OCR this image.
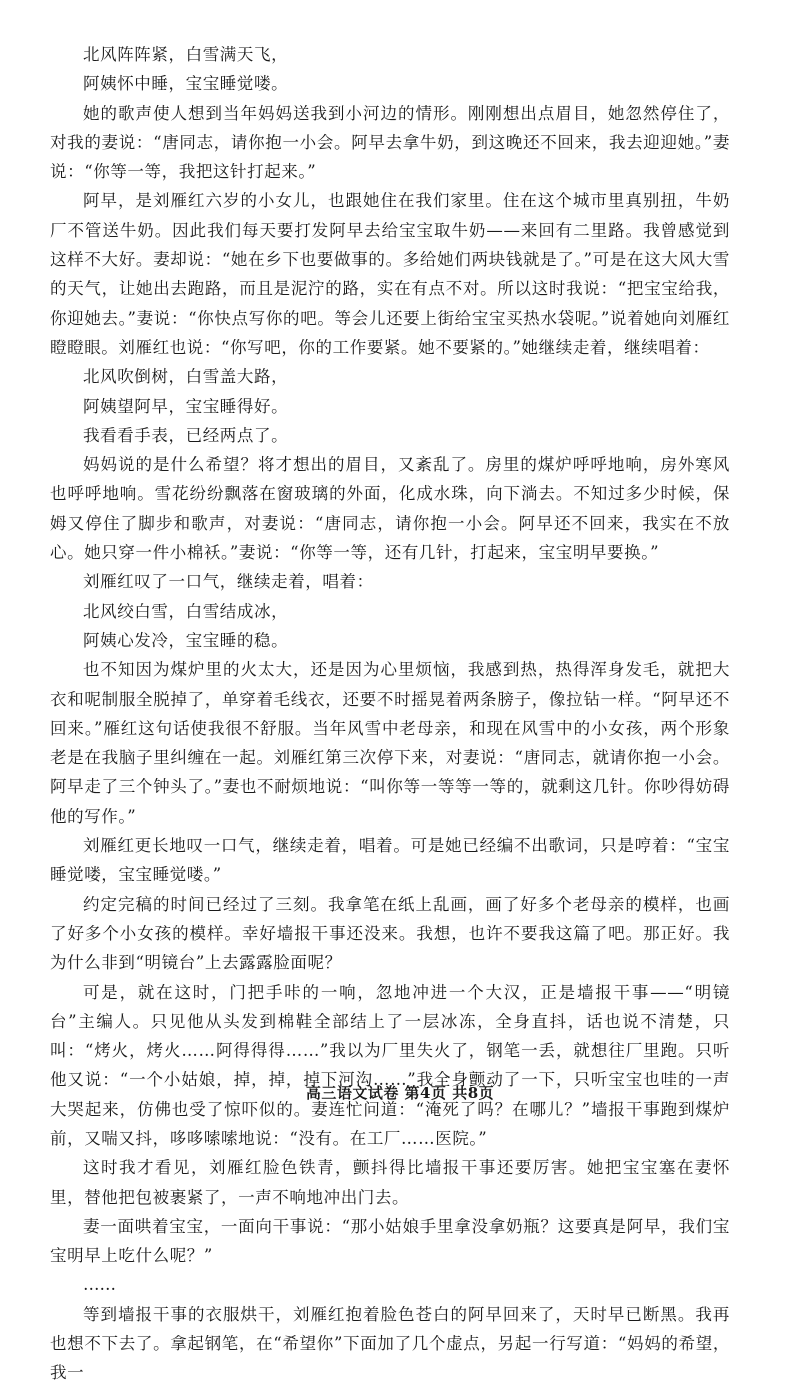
北风阵阵紧，白雪满天飞，

阿姨怀中睡，宝宝睡觉喽。

她的歌声使人想到当年妈妈送我到小河边的情形。刚刚想出点眉目，她忽然停住了，对我的妻说：“唐同志，请你抱一小会。阿早去拿牛奶，到这晚还不回来，我去迎迎她。”妻说：“你等一等，我把这针打起来。”

阿早，是刘雁红六岁的小女儿，也跟她住在我们家里。住在这个城市里真别扭，牛奶厂不管送牛奶。因此我们每天要打发阿早去给宝宝取牛奶——来回有二里路。我曾感觉到这样不大好。妻却说：“她在乡下也要做事的。多给她们两块钱就是了。”可是在这大风大雪的天气，让她出去跑路，而且是泥泞的路，实在有点不对。所以这时我说：“把宝宝给我，你迎她去。”妻说：“你快点写你的吧。等会儿还要上街给宝宝买热水袋呢。”说着她向刘雁红瞪瞪眼。刘雁红也说：“你写吧，你的工作要紧。她不要紧的。”她继续走着，继续唱着：

北风吹倒树，白雪盖大路，

阿姨望阿早，宝宝睡得好。

我看看手表，已经两点了。

妈妈说的是什么希望？将才想出的眉目，又紊乱了。房里的煤炉呼呼地响，房外寒风也呼呼地响。雪花纷纷飘落在窗玻璃的外面，化成水珠，向下淌去。不知过多少时候，保姆又停住了脚步和歌声，对妻说：“唐同志，请你抱一小会。阿早还不回来，我实在不放心。她只穿一件小棉袄。”妻说：“你等一等，还有几针，打起来，宝宝明早要换。”

刘雁红叹了一口气，继续走着，唱着：

北风绞白雪，白雪结成冰，

阿姨心发冷，宝宝睡的稳。

也不知因为煤炉里的火太大，还是因为心里烦恼，我感到热，热得浑身发毛，就把大衣和呢制服全脱掉了，单穿着毛线衣，还要不时摇晃着两条膀子，像拉钻一样。“阿早还不回来。”雁红这句话使我很不舒服。当年风雪中老母亲，和现在风雪中的小女孩，两个形象老是在我脑子里纠缠在一起。刘雁红第三次停下来，对妻说：“唐同志，就请你抱一小会。阿早走了三个钟头了。”妻也不耐烦地说：“叫你等一等等一等的，就剩这几针。你吵得妨碍他的写作。”

刘雁红更长地叹一口气，继续走着，唱着。可是她已经编不出歌词，只是哼着：“宝宝睡觉喽，宝宝睡觉喽。”

约定完稿的时间已经过了三刻。我拿笔在纸上乱画，画了好多个老母亲的模样，也画了好多个小女孩的模样。幸好墙报干事还没来。我想，也许不要我这篇了吧。那正好。我为什么非到“明镜台”上去露露脸面呢？

可是，就在这时，门把手咔的一响，忽地冲进一个大汉，正是墙报干事——“明镜台”主编人。只见他从头发到棉鞋全部结上了一层冰冻，全身直抖，话也说不清楚，只叫：“烤火，烤火……阿得得得……”我以为厂里失火了，钢笔一丢，就想往厂里跑。只听他又说：“一个小姑娘，掉，掉，掉下河沟……”我全身颤动了一下，只听宝宝也哇的一声大哭起来，仿佛也受了惊吓似的。妻连忙问道：“淹死了吗？在哪儿？”墙报干事跑到煤炉前，又喘又抖，哆哆嗦嗦地说：“没有。在工厂……医院。”

这时我才看见，刘雁红脸色铁青，颤抖得比墙报干事还要厉害。她把宝宝塞在妻怀里，替他把包被裹紧了，一声不响地冲出门去。

妻一面哄着宝宝，一面向干事说：“那小姑娘手里拿没拿奶瓶？这要真是阿早，我们宝宝明早上吃什么呢？”

……

等到墙报干事的衣服烘干，刘雁红抱着脸色苍白的阿早回来了，天时早已断黑。我再也想不下去了。拿起钢笔，在“希望你”下面加了几个虚点，另起一行写道：“妈妈的希望，我一

高三语文试卷 第4页 共8页
